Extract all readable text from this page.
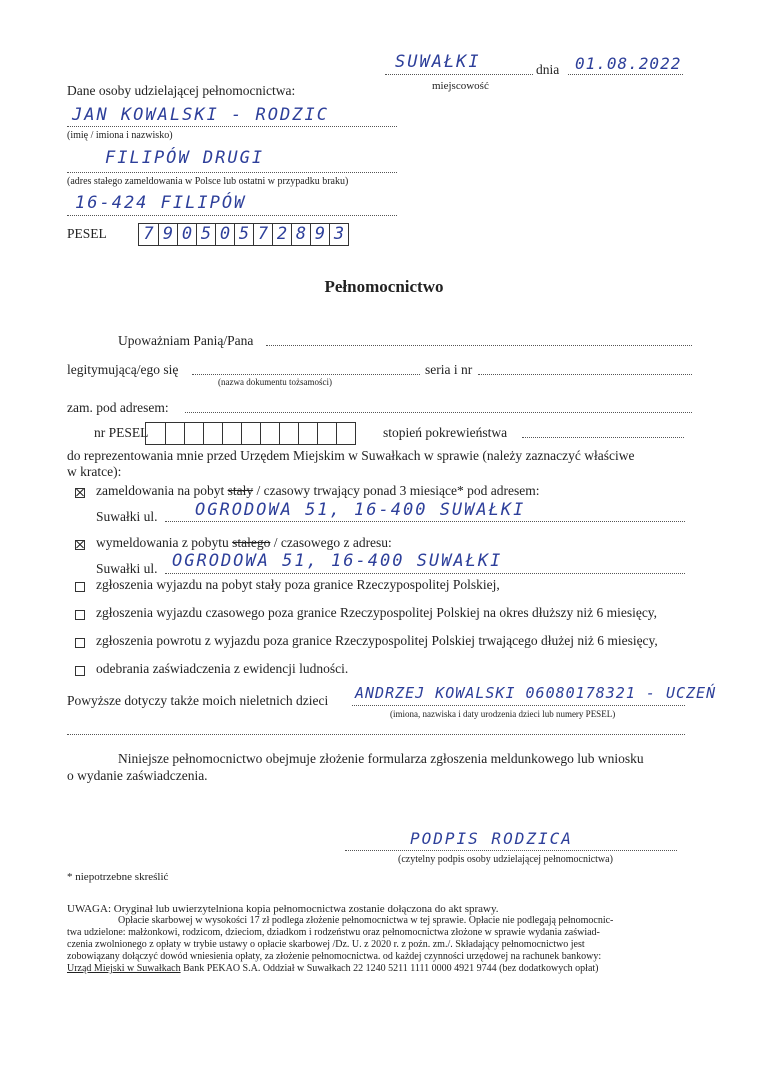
SUWAŁKI	dnia 01.08.2022
miejscowość
Dane osoby udzielającej pełnomocnictwa:
JAN KOWALSKI - RODZIC
(imię / imiona i nazwisko)
FILIPÓW DRUGI
(adres stałego zameldowania w Polsce lub ostatni w przypadku braku)
16-424 FILIPÓW
PESEL 7 9 0 5 0 5 7 2 8 9 3
Pełnomocnictwo
Upoważniam Panią/Pana
legitymującą/ego się
(nazwa dokumentu tożsamości)
seria i nr
zam. pod adresem:
nr PESEL	stopień pokrewieństwa
do reprezentowania mnie przed Urzędem Miejskim w Suwałkach w sprawie (należy zaznaczyć właściwe
w kratce):
zameldowania na pobyt stały / czasowy trwający ponad 3 miesiące* pod adresem:
Suwałki ul. OGRODOWA 51, 16-400 SUWAŁKI
wymeldowania z pobytu stałego / czasowego z adresu:
Suwałki ul. OGRODOWA 51, 16-400 SUWAŁKI
zgłoszenia wyjazdu na pobyt stały poza granice Rzeczypospolitej Polskiej,
zgłoszenia wyjazdu czasowego poza granice Rzeczypospolitej Polskiej na okres dłuższy niż 6 miesięcy,
zgłoszenia powrotu z wyjazdu poza granice Rzeczypospolitej Polskiej trwającego dłużej niż 6 miesięcy,
odebrania zaświadczenia z ewidencji ludności.
Powyższe dotyczy także moich nieletnich dzieci ANDRZEJ KOWALSKI 06080178321 - UCZEŃ
(imiona, nazwiska i daty urodzenia dzieci lub numery PESEL)
Niniejsze pełnomocnictwo obejmuje złożenie formularza zgłoszenia meldunkowego lub wniosku
o wydanie zaświadczenia.
PODPIS RODZICA
(czytelny podpis osoby udzielającej pełnomocnictwa)
* niepotrzebne skreślić
UWAGA: Oryginał lub uwierzytelniona kopia pełnomocnictwa zostanie dołączona do akt sprawy.
Opłacie skarbowej w wysokości 17 zł podlega złożenie pełnomocnictwa w tej sprawie. Opłacie nie podlegają pełnomocnic-
twa udzielone: małżonkowi, rodzicom, dzieciom, dziadkom i rodzeństwu oraz pełnomocnictwa złożone w sprawie wydania zaświad-
czenia zwolnionego z opłaty w trybie ustawy o opłacie skarbowej /Dz. U. z 2020 r. z poźn. zm./. Składający pełnomocnictwo jest
zobowiązany dołączyć dowód wniesienia opłaty, za złożenie pełnomocnictwa. od każdej czynności urzędowej na rachunek bankowy:
Urząd Miejski w Suwałkach Bank PEKAO S.A. Oddział w Suwałkach 22 1240 5211 1111 0000 4921 9744 (bez dodatkowych opłat)
